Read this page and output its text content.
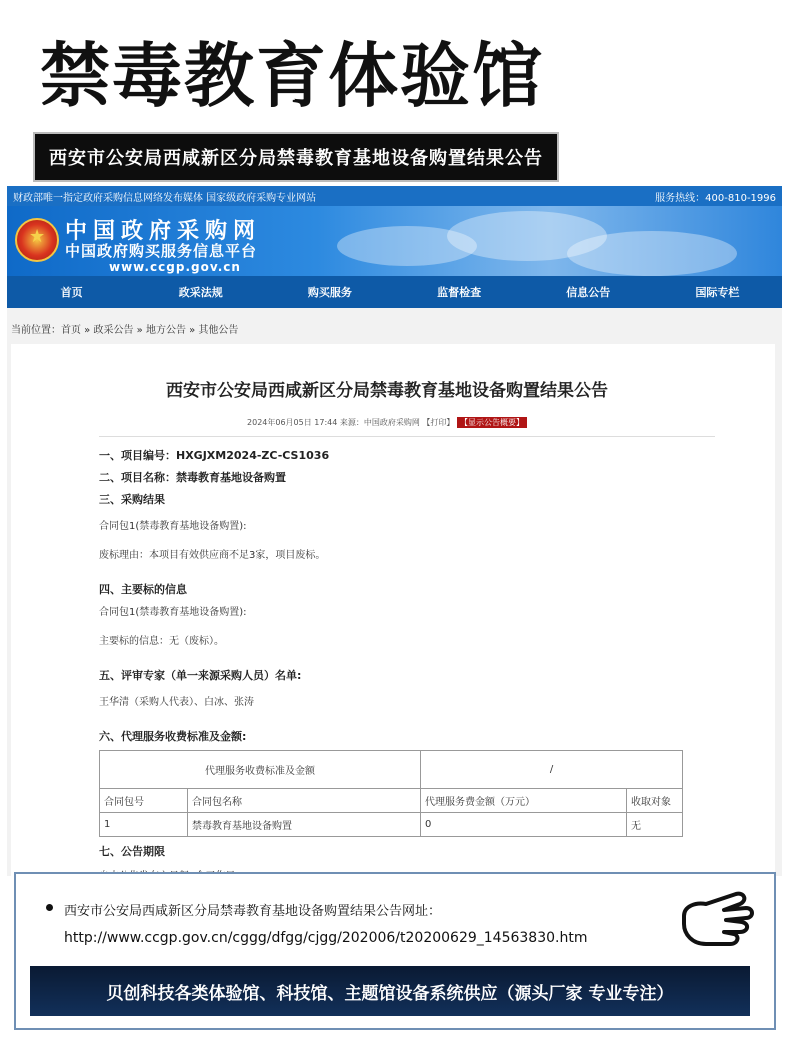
禁毒教育体验馆
西安市公安局西咸新区分局禁毒教育基地设备购置结果公告
财政部唯一指定政府采购信息网络发布媒体 国家级政府采购专业网站	服务热线：400-810-1996
★
中国政府采购网
中国政府购买服务信息平台
www.ccgp.gov.cn
首页	政采法规	购买服务	监督检查	信息公告	国际专栏
当前位置：首页 » 政采公告 » 地方公告 » 其他公告
西安市公安局西咸新区分局禁毒教育基地设备购置结果公告
2024年06月05日 17:44 来源：中国政府采购网 【打印】 【显示公告概要】
一、项目编号：HXGJXM2024-ZC-CS1036
二、项目名称：禁毒教育基地设备购置
三、采购结果
合同包1(禁毒教育基地设备购置):
废标理由：本项目有效供应商不足3家，项目废标。
四、主要标的信息
合同包1(禁毒教育基地设备购置):
主要标的信息：无（废标）。
五、评审专家（单一来源采购人员）名单:
王华清（采购人代表）、白冰、张涛
六、代理服务收费标准及金额:
代理服务收费标准及金额		/	
合同包号	合同包名称	代理服务费金额（万元）	收取对象
1	禁毒教育基地设备购置	0	无
七、公告期限
西安市公安局西咸新区分局禁毒教育基地设备购置结果公告网址：
http://www.ccgp.gov.cn/cggg/dfgg/cjgg/202006/t20200629_14563830.htm
贝创科技各类体验馆、科技馆、主题馆设备系统供应（源头厂家 专业专注）
